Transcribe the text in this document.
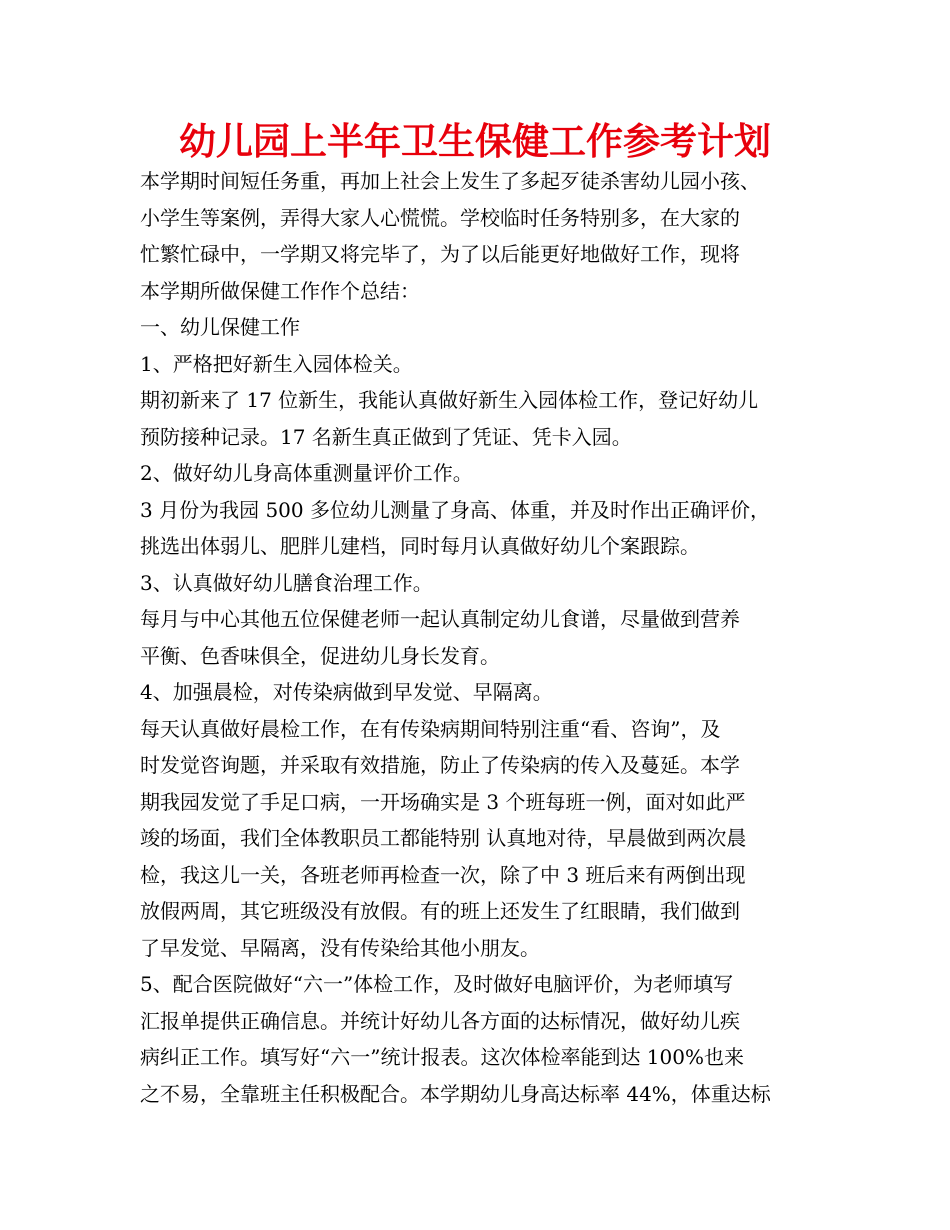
幼儿园上半年卫生保健工作参考计划
本学期时间短任务重，再加上社会上发生了多起歹徒杀害幼儿园小孩、
小学生等案例，弄得大家人心慌慌。学校临时任务特别多，在大家的
忙繁忙碌中，一学期又将完毕了，为了以后能更好地做好工作，现将
本学期所做保健工作作个总结：
一、幼儿保健工作
1、严格把好新生入园体检关。
期初新来了 17 位新生，我能认真做好新生入园体检工作，登记好幼儿
预防接种记录。17 名新生真正做到了凭证、凭卡入园。
2、做好幼儿身高体重测量评价工作。
3 月份为我园 500 多位幼儿测量了身高、体重，并及时作出正确评价，
挑选出体弱儿、肥胖儿建档，同时每月认真做好幼儿个案跟踪。
3、认真做好幼儿膳食治理工作。
每月与中心其他五位保健老师一起认真制定幼儿食谱，尽量做到营养
平衡、色香味俱全，促进幼儿身长发育。
4、加强晨检，对传染病做到早发觉、早隔离。
每天认真做好晨检工作，在有传染病期间特别注重“看、咨询”，及
时发觉咨询题，并采取有效措施，防止了传染病的传入及蔓延。本学
期我园发觉了手足口病，一开场确实是 3 个班每班一例，面对如此严
竣的场面，我们全体教职员工都能特别 认真地对待，早晨做到两次晨
检，我这儿一关，各班老师再检查一次，除了中 3 班后来有两倒出现
放假两周，其它班级没有放假。有的班上还发生了红眼睛，我们做到
了早发觉、早隔离，没有传染给其他小朋友。
5、配合医院做好“六一”体检工作，及时做好电脑评价，为老师填写
汇报单提供正确信息。并统计好幼儿各方面的达标情况，做好幼儿疾
病纠正工作。填写好“六一”统计报表。这次体检率能到达 100%也来
之不易，全靠班主任积极配合。本学期幼儿身高达标率 44%，体重达标
